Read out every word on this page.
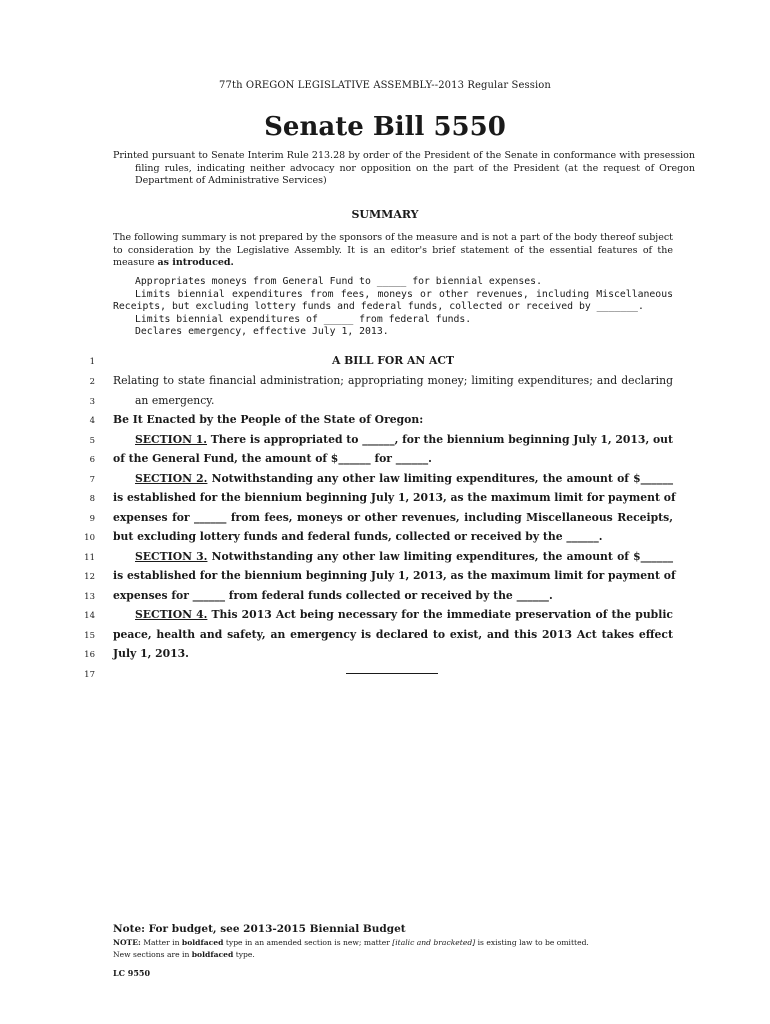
77th OREGON LEGISLATIVE ASSEMBLY--2013 Regular Session
Senate Bill 5550
Printed pursuant to Senate Interim Rule 213.28 by order of the President of the Senate in conformance with presession filing rules, indicating neither advocacy nor opposition on the part of the President (at the request of Oregon Department of Administrative Services)
SUMMARY
The following summary is not prepared by the sponsors of the measure and is not a part of the body thereof subject to consideration by the Legislative Assembly. It is an editor's brief statement of the essential features of the measure as introduced.
Appropriates moneys from General Fund to _____ for biennial expenses.
Limits biennial expenditures from fees, moneys or other revenues, including Miscellaneous Receipts, but excluding lottery funds and federal funds, collected or received by _______.
Limits biennial expenditures of _____ from federal funds.
Declares emergency, effective July 1, 2013.
1	A BILL FOR AN ACT
2 Relating to state financial administration; appropriating money; limiting expenditures; and declaring
3	an emergency.
4 Be It Enacted by the People of the State of Oregon:
5	SECTION 1. There is appropriated to ______, for the biennium beginning July 1, 2013, out
6 of the General Fund, the amount of $______ for ______.
7	SECTION 2. Notwithstanding any other law limiting expenditures, the amount of $______
8 is established for the biennium beginning July 1, 2013, as the maximum limit for payment of
9 expenses for ______ from fees, moneys or other revenues, including Miscellaneous Receipts,
10 but excluding lottery funds and federal funds, collected or received by the ______.
11	SECTION 3. Notwithstanding any other law limiting expenditures, the amount of $______
12 is established for the biennium beginning July 1, 2013, as the maximum limit for payment of
13 expenses for ______ from federal funds collected or received by the ______.
14	SECTION 4. This 2013 Act being necessary for the immediate preservation of the public
15 peace, health and safety, an emergency is declared to exist, and this 2013 Act takes effect
16 July 1, 2013.
17
Note: For budget, see 2013-2015 Biennial Budget
NOTE: Matter in boldfaced type in an amended section is new; matter [italic and bracketed] is existing law to be omitted.
New sections are in boldfaced type.
LC 9550
